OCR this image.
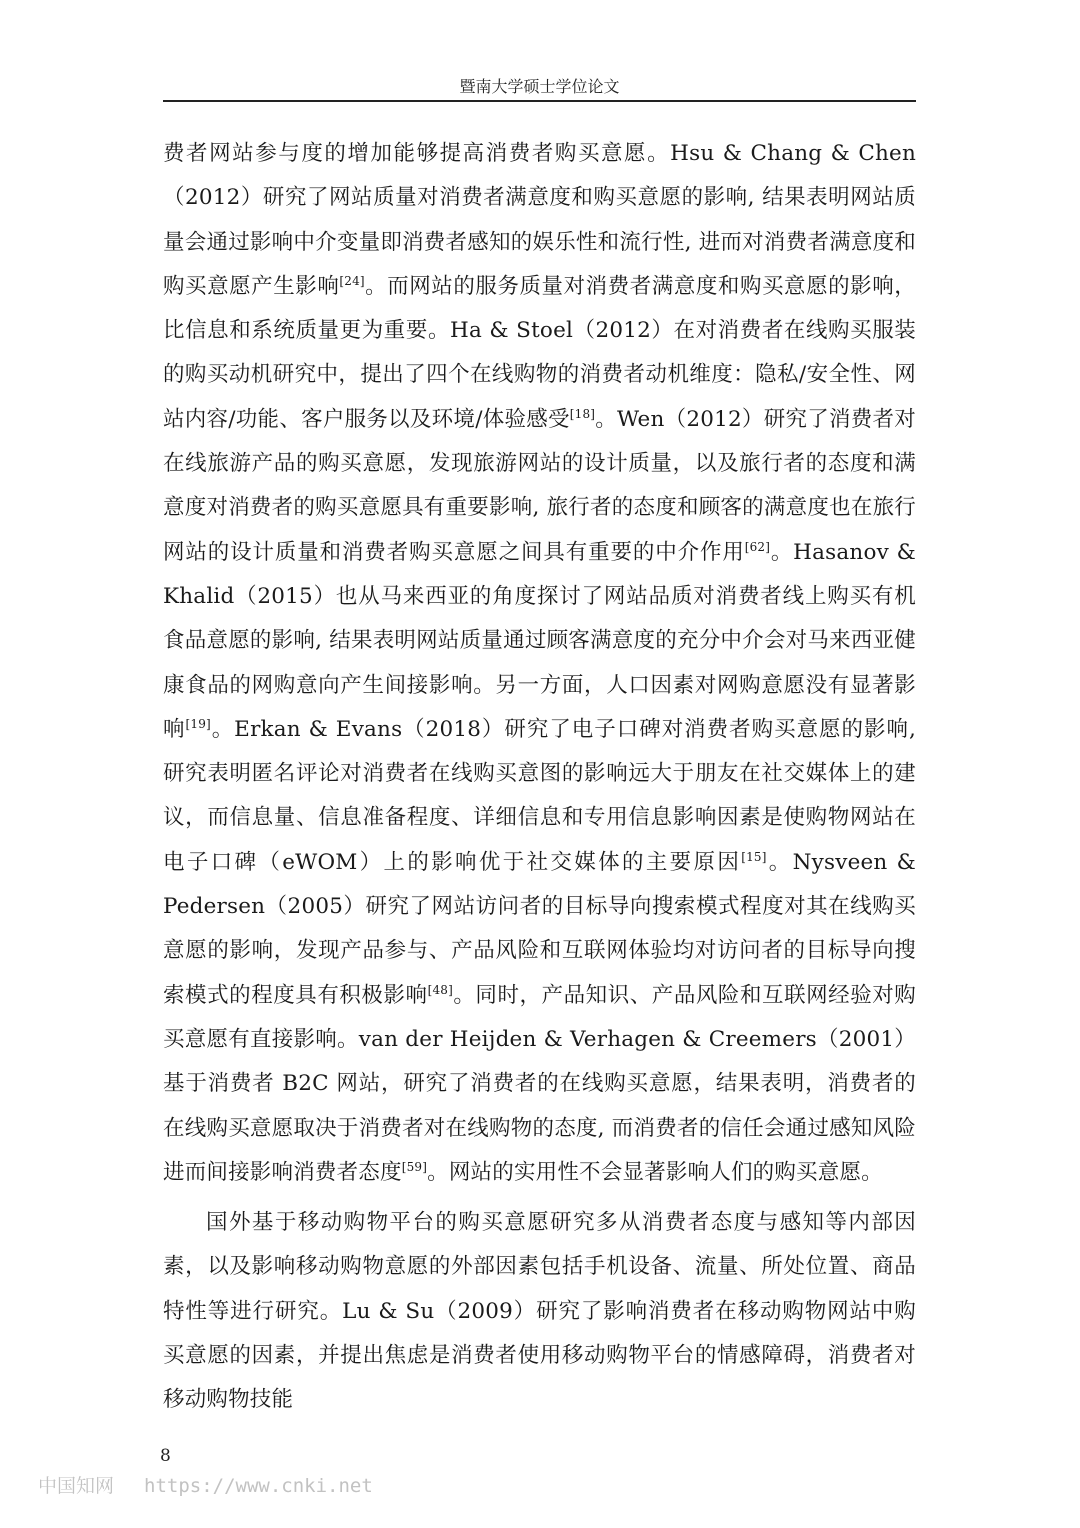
暨南大学硕士学位论文

费者网站参与度的增加能够提高消费者购买意愿。Hsu & Chang & Chen（2012）研究了网站质量对消费者满意度和购买意愿的影响, 结果表明网站质量会通过影响中介变量即消费者感知的娱乐性和流行性, 进而对消费者满意度和购买意愿产生影响[24]。而网站的服务质量对消费者满意度和购买意愿的影响，比信息和系统质量更为重要。Ha & Stoel（2012）在对消费者在线购买服装的购买动机研究中，提出了四个在线购物的消费者动机维度：隐私/安全性、网站内容/功能、客户服务以及环境/体验感受[18]。Wen（2012）研究了消费者对在线旅游产品的购买意愿，发现旅游网站的设计质量，以及旅行者的态度和满意度对消费者的购买意愿具有重要影响, 旅行者的态度和顾客的满意度也在旅行网站的设计质量和消费者购买意愿之间具有重要的中介作用[62]。Hasanov & Khalid（2015）也从马来西亚的角度探讨了网站品质对消费者线上购买有机食品意愿的影响, 结果表明网站质量通过顾客满意度的充分中介会对马来西亚健康食品的网购意向产生间接影响。另一方面，人口因素对网购意愿没有显著影响[19]。Erkan & Evans（2018）研究了电子口碑对消费者购买意愿的影响, 研究表明匿名评论对消费者在线购买意图的影响远大于朋友在社交媒体上的建议，而信息量、信息准备程度、详细信息和专用信息影响因素是使购物网站在电子口碑（eWOM）上的影响优于社交媒体的主要原因[15]。Nysveen & Pedersen（2005）研究了网站访问者的目标导向搜索模式程度对其在线购买意愿的影响，发现产品参与、产品风险和互联网体验均对访问者的目标导向搜索模式的程度具有积极影响[48]。同时，产品知识、产品风险和互联网经验对购买意愿有直接影响。van der Heijden & Verhagen & Creemers（2001）基于消费者 B2C 网站，研究了消费者的在线购买意愿，结果表明，消费者的在线购买意愿取决于消费者对在线购物的态度, 而消费者的信任会通过感知风险进而间接影响消费者态度[59]。网站的实用性不会显著影响人们的购买意愿。

国外基于移动购物平台的购买意愿研究多从消费者态度与感知等内部因素，以及影响移动购物意愿的外部因素包括手机设备、流量、所处位置、商品特性等进行研究。Lu & Su（2009）研究了影响消费者在移动购物网站中购买意愿的因素，并提出焦虑是消费者使用移动购物平台的情感障碍，消费者对移动购物技能

8
中国知网 https://www.cnki.net
